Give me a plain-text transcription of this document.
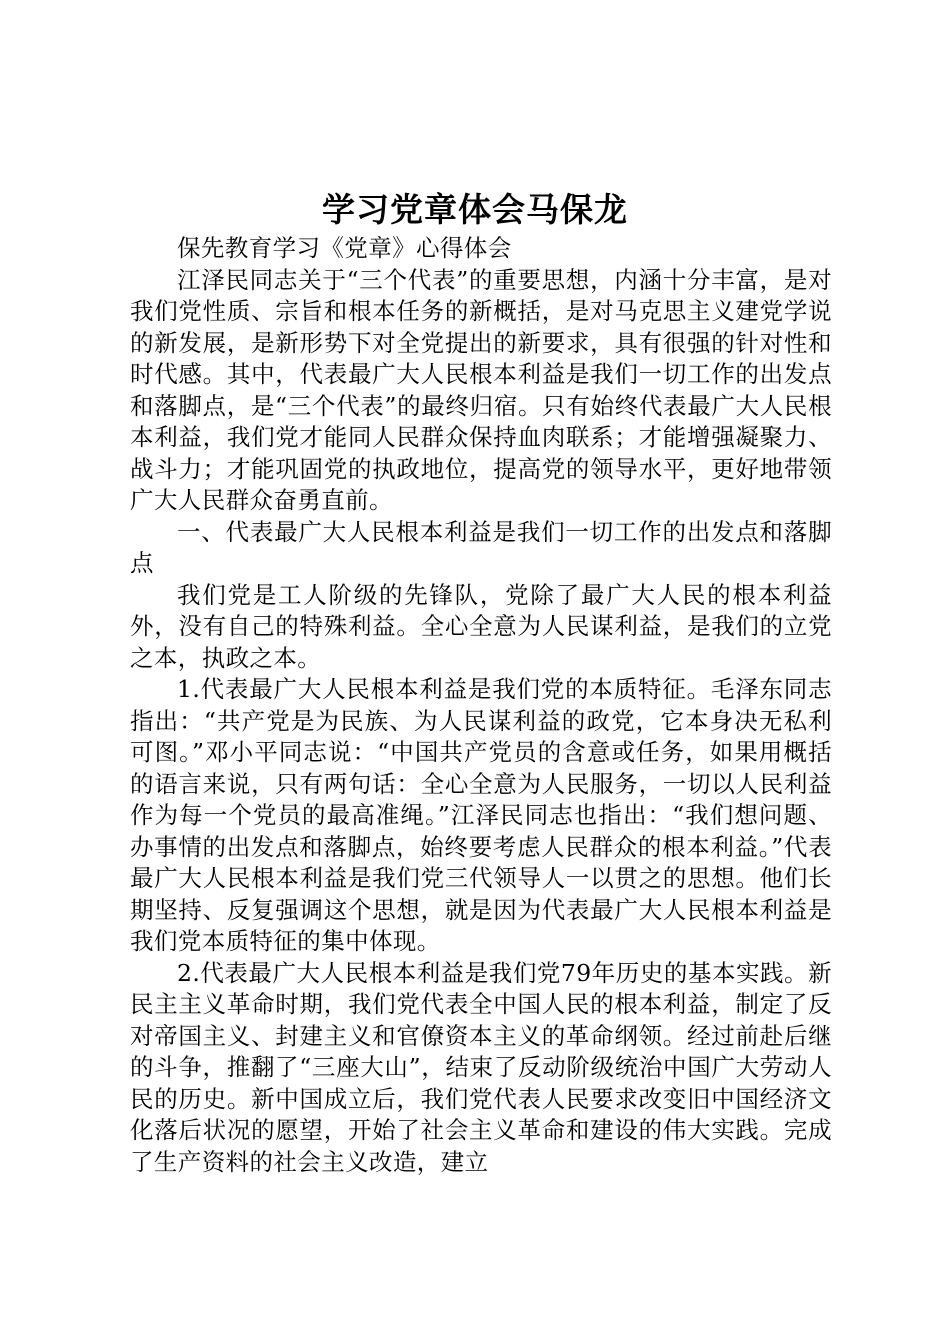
学习党章体会马保龙

保先教育学习《党章》心得体会

江泽民同志关于“三个代表”的重要思想，内涵十分丰富，是对我们党性质、宗旨和根本任务的新概括，是对马克思主义建党学说的新发展，是新形势下对全党提出的新要求，具有很强的针对性和时代感。其中，代表最广大人民根本利益是我们一切工作的出发点和落脚点，是“三个代表”的最终归宿。只有始终代表最广大人民根本利益，我们党才能同人民群众保持血肉联系；才能增强凝聚力、战斗力；才能巩固党的执政地位，提高党的领导水平，更好地带领广大人民群众奋勇直前。

一、代表最广大人民根本利益是我们一切工作的出发点和落脚点

我们党是工人阶级的先锋队，党除了最广大人民的根本利益外，没有自己的特殊利益。全心全意为人民谋利益，是我们的立党之本，执政之本。

1.代表最广大人民根本利益是我们党的本质特征。毛泽东同志指出：“共产党是为民族、为人民谋利益的政党，它本身决无私利可图。”邓小平同志说：“中国共产党员的含意或任务，如果用概括的语言来说，只有两句话：全心全意为人民服务，一切以人民利益作为每一个党员的最高准绳。”江泽民同志也指出：“我们想问题、办事情的出发点和落脚点，始终要考虑人民群众的根本利益。”代表最广大人民根本利益是我们党三代领导人一以贯之的思想。他们长期坚持、反复强调这个思想，就是因为代表最广大人民根本利益是我们党本质特征的集中体现。

2.代表最广大人民根本利益是我们党79年历史的基本实践。新民主主义革命时期，我们党代表全中国人民的根本利益，制定了反对帝国主义、封建主义和官僚资本主义的革命纲领。经过前赴后继的斗争，推翻了“三座大山”，结束了反动阶级统治中国广大劳动人民的历史。新中国成立后，我们党代表人民要求改变旧中国经济文化落后状况的愿望，开始了社会主义革命和建设的伟大实践。完成了生产资料的社会主义改造，建立
